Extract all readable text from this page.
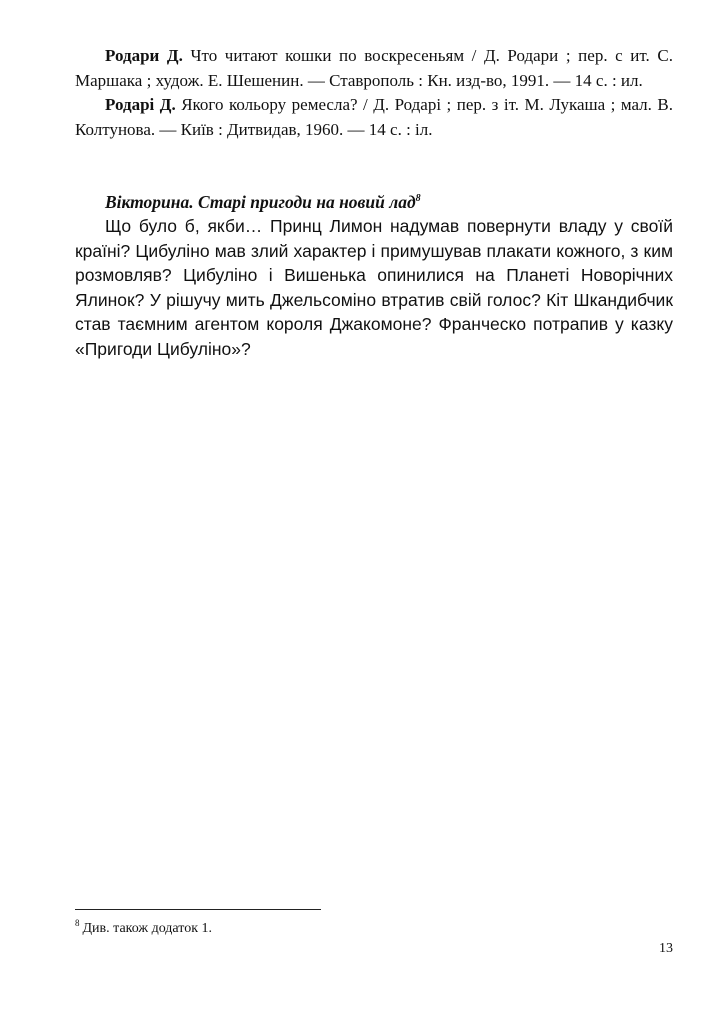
Родари Д. Что читают кошки по воскресеньям / Д. Родари ; пер. с ит. С. Маршака ; худож. Е. Шешенин. — Ставрополь : Кн. изд-во, 1991. — 14 с. : ил.

Родарі Д. Якого кольору ремесла? / Д. Родарі ; пер. з іт. М. Лукаша ; мал. В. Колтунова. — Київ : Дитвидав, 1960. — 14 с. : іл.

Вікторина. Старі пригоди на новий лад$^8$

Що було б, якби… Принц Лимон надумав повернути владу у своїй країні? Цибуліно мав злий характер і примушував плакати кожного, з ким розмовляв? Цибуліно і Вишенька опинилися на Планеті Новорічних Ялинок? У рішучу мить Джельсоміно втратив свій голос? Кіт Шкандибчик став таємним агентом короля Джакомоне? Франческо потрапив у казку «Пригоди Цибуліно»?

$^8$ Див. також додаток 1.

13
